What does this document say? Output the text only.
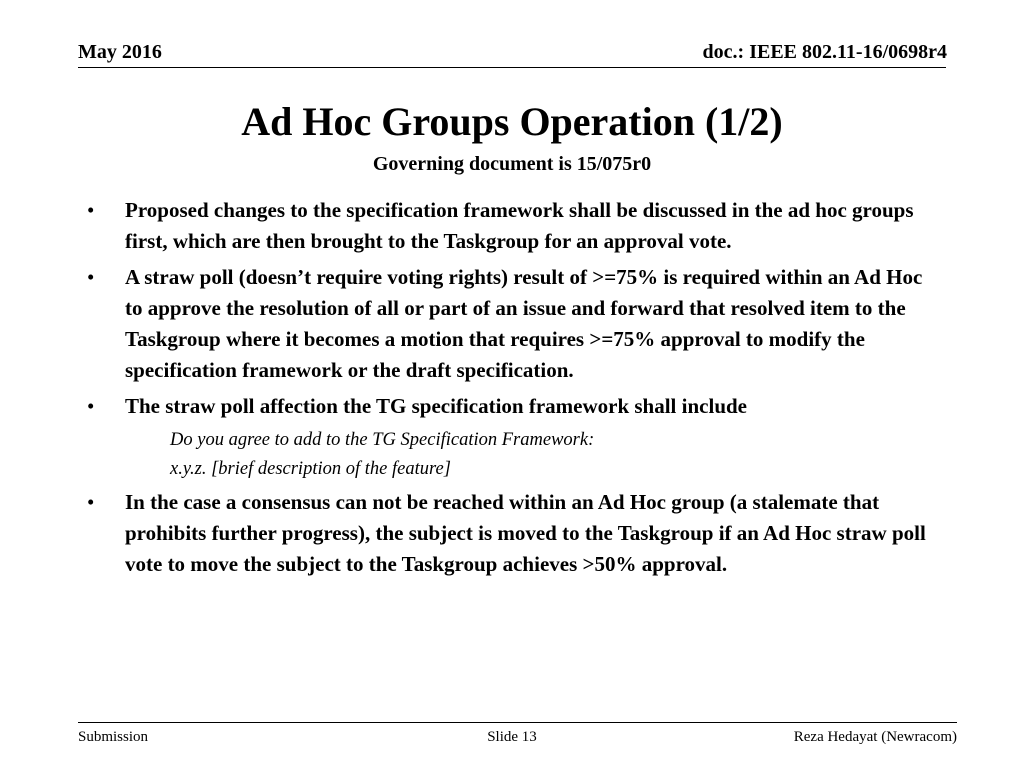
May 2016	doc.: IEEE 802.11-16/0698r4
Ad Hoc Groups Operation (1/2)
Governing document is 15/075r0
• Proposed changes to the specification framework shall be discussed in the ad hoc groups first, which are then brought to the Taskgroup for an approval vote.
• A straw poll (doesn’t require voting rights) result of >=75% is required within an Ad Hoc to approve the resolution of all or part of an issue and forward that resolved item to the Taskgroup where it becomes a motion that requires >=75% approval to modify the specification framework or the draft specification.
• The straw poll affection the TG specification framework shall include
Do you agree to add to the TG Specification Framework:
x.y.z. [brief description of the feature]
• In the case a consensus can not be reached within an Ad Hoc group (a stalemate that prohibits further progress), the subject is moved to the Taskgroup if an Ad Hoc straw poll vote to move the subject to the Taskgroup achieves >50% approval.
Submission	Slide 13	Reza Hedayat (Newracom)
